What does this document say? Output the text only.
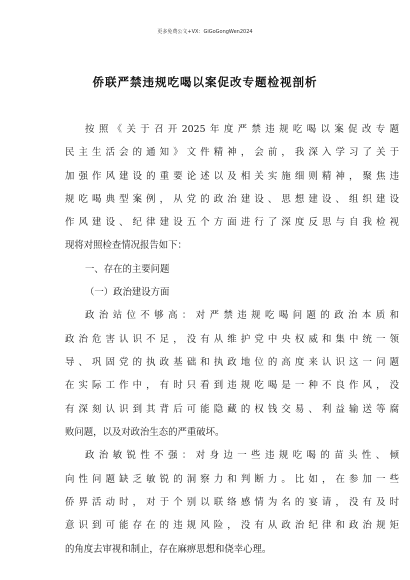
更多免费公文+VX：GiGoGongWen2024
侨联严禁违规吃喝以案促改专题检视剖析
按照《关于召开2025年度严禁违规吃喝以案促改专题
民主生活会的通知》文件精神，会前，我深入学习了关于
加强作风建设的重要论述以及相关实施细则精神，聚焦违
规吃喝典型案例，从党的政治建设、思想建设、组织建设
作风建设、纪律建设五个方面进行了深度反思与自我检视
现将对照检查情况报告如下：
一、存在的主要问题
（一）政治建设方面
政治站位不够高：对严禁违规吃喝问题的政治本质和
政治危害认识不足，没有从维护党中央权威和集中统一领
导、巩固党的执政基础和执政地位的高度来认识这一问题
在实际工作中，有时只看到违规吃喝是一种不良作风，没
有深刻认识到其背后可能隐藏的权钱交易、利益输送等腐
败问题，以及对政治生态的严重破坏。
政治敏锐性不强：对身边一些违规吃喝的苗头性、倾
向性问题缺乏敏锐的洞察力和判断力。比如，在参加一些
侨界活动时，对于个别以联络感情为名的宴请，没有及时
意识到可能存在的违规风险，没有从政治纪律和政治规矩
的角度去审视和制止，存在麻痹思想和侥幸心理。
